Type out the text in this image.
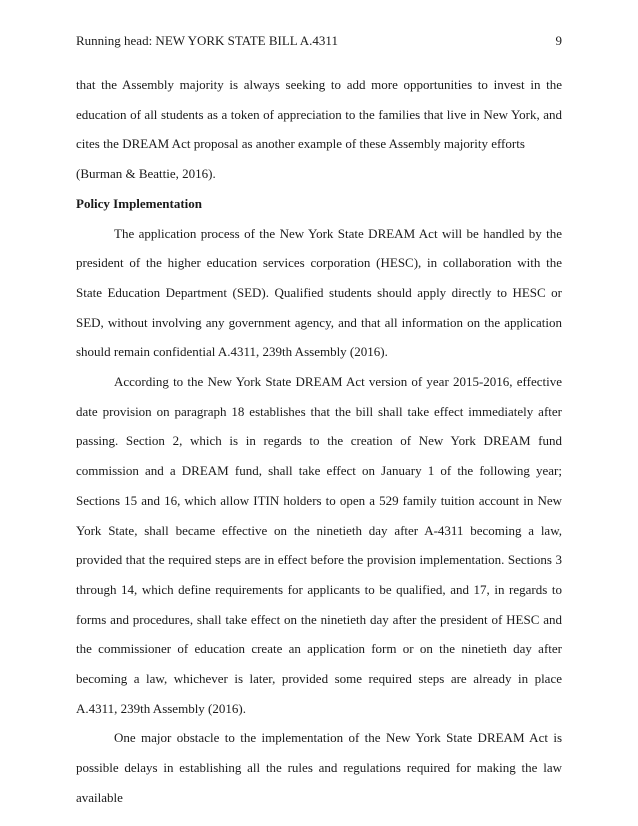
Running head: NEW YORK STATE BILL A.4311	9

that the Assembly majority is always seeking to add more opportunities to invest in the education of all students as a token of appreciation to the families that live in New York, and cites the DREAM Act proposal as another example of these Assembly majority efforts

(Burman & Beattie, 2016).

Policy Implementation

The application process of the New York State DREAM Act will be handled by the president of the higher education services corporation (HESC), in collaboration with the State Education Department (SED). Qualified students should apply directly to HESC or SED, without involving any government agency, and that all information on the application should remain confidential A.4311, 239th Assembly (2016).

According to the New York State DREAM Act version of year 2015-2016, effective date provision on paragraph 18 establishes that the bill shall take effect immediately after passing. Section 2, which is in regards to the creation of New York DREAM fund commission and a DREAM fund, shall take effect on January 1 of the following year; Sections 15 and 16, which allow ITIN holders to open a 529 family tuition account in New York State, shall became effective on the ninetieth day after A-4311 becoming a law, provided that the required steps are in effect before the provision implementation. Sections 3 through 14, which define requirements for applicants to be qualified, and 17, in regards to forms and procedures, shall take effect on the ninetieth day after the president of HESC and the commissioner of education create an application form or on the ninetieth day after becoming a law, whichever is later, provided some required steps are already in place A.4311, 239th Assembly (2016).

One major obstacle to the implementation of the New York State DREAM Act is possible delays in establishing all the rules and regulations required for making the law available
